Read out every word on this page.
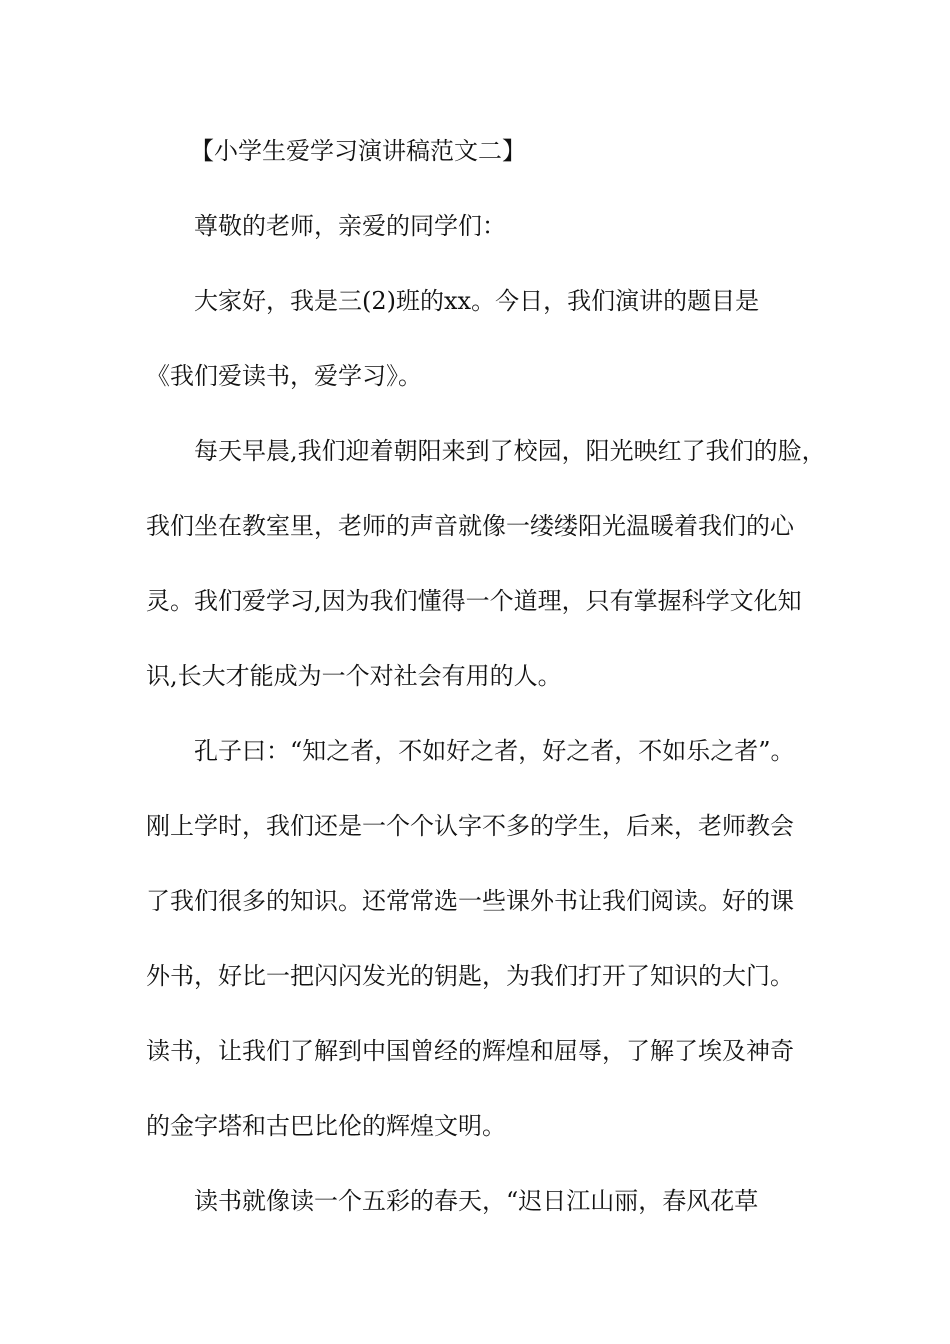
【小学生爱学习演讲稿范文二】
尊敬的老师，亲爱的同学们：
大家好，我是三(2)班的xx。今日，我们演讲的题目是
《我们爱读书，爱学习》。
每天早晨,我们迎着朝阳来到了校园，阳光映红了我们的脸，
我们坐在教室里，老师的声音就像一缕缕阳光温暖着我们的心
灵。我们爱学习,因为我们懂得一个道理，只有掌握科学文化知
识,长大才能成为一个对社会有用的人。
孔子曰：“知之者，不如好之者，好之者，不如乐之者”。
刚上学时，我们还是一个个认字不多的学生，后来，老师教会
了我们很多的知识。还常常选一些课外书让我们阅读。好的课
外书，好比一把闪闪发光的钥匙，为我们打开了知识的大门。
读书，让我们了解到中国曾经的辉煌和屈辱，了解了埃及神奇
的金字塔和古巴比伦的辉煌文明。
读书就像读一个五彩的春天，“迟日江山丽，春风花草
